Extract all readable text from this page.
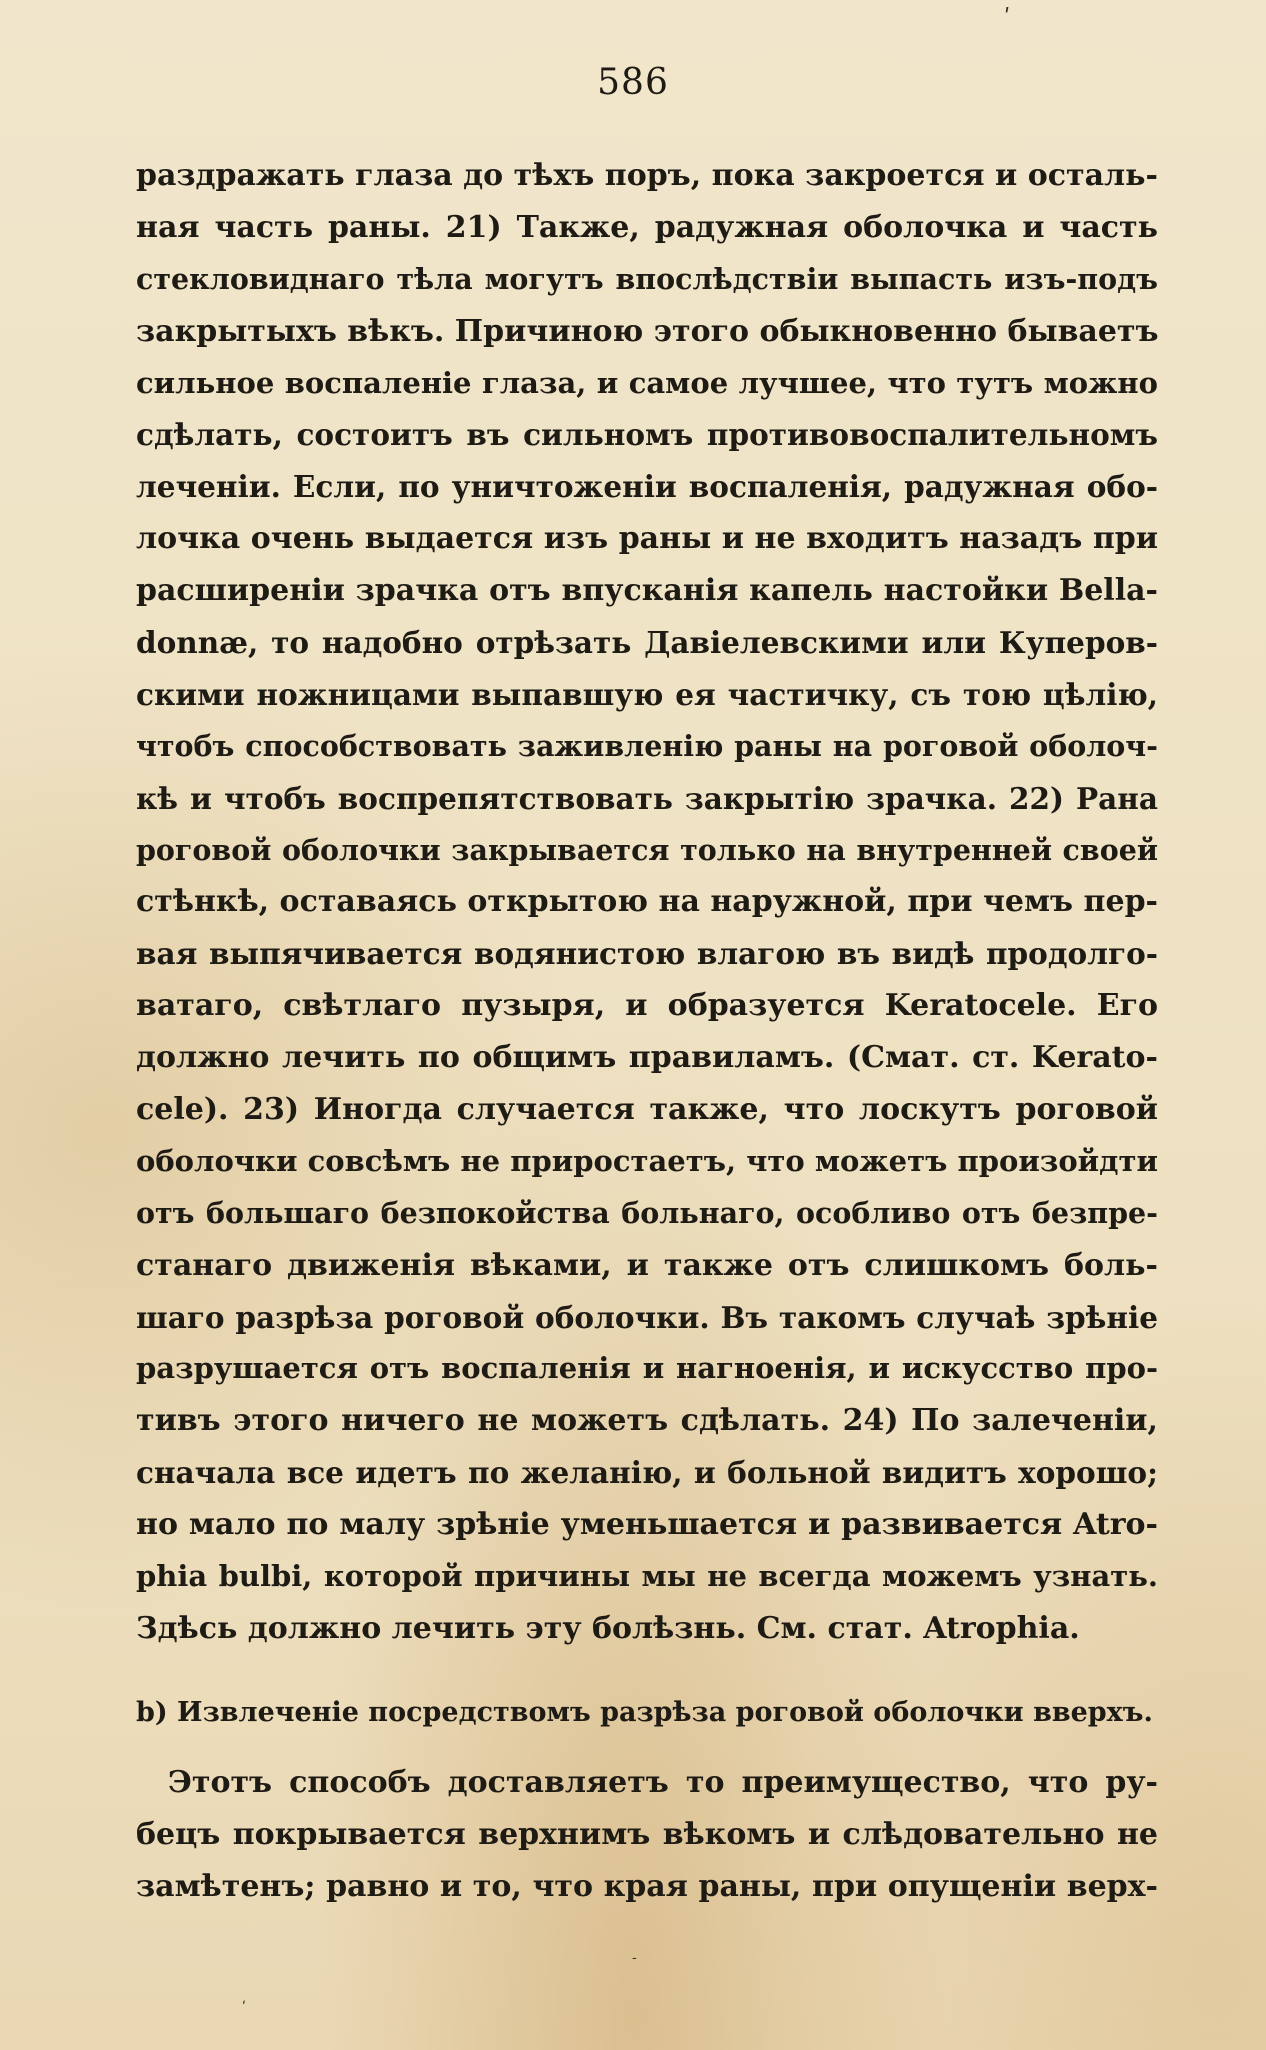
ʹ
586
раздражать глаза до тѣхъ поръ, пока закроется и осталь-
ная часть раны. 21) Также, радужная оболочка и часть
стекловиднаго тѣла могутъ впослѣдствіи выпасть изъ-подъ
закрытыхъ вѣкъ. Причиною этого обыкновенно бываетъ
сильное воспаленіе глаза, и самое лучшее, что тутъ можно
сдѣлать, состоитъ въ сильномъ противовоспалительномъ
леченіи. Если, по уничтоженіи воспаленія, радужная обо-
лочка очень выдается изъ раны и не входитъ назадъ при
расширеніи зрачка отъ впусканія капель настойки Bella-
donnæ, то надобно отрѣзать Давіелевскими или Куперов-
скими ножницами выпавшую ея частичку, съ тою цѣлію,
чтобъ способствовать заживленію раны на роговой оболоч-
кѣ и чтобъ воспрепятствовать закрытію зрачка. 22) Рана
роговой оболочки закрывается только на внутренней своей
стѣнкѣ, оставаясь открытою на наружной, при чемъ пер-
вая выпячивается водянистою влагою въ видѣ продолго-
ватаго, свѣтлаго пузыря, и образуется Keratocele. Его
должно лечить по общимъ правиламъ. (Смат. ст. Kerato-
cele). 23) Иногда случается также, что лоскутъ роговой
оболочки совсѣмъ не приростаетъ, что можетъ произойдти
отъ большаго безпокойства больнаго, особливо отъ безпре-
станаго движенія вѣками, и также отъ слишкомъ боль-
шаго разрѣза роговой оболочки. Въ такомъ случаѣ зрѣніе
разрушается отъ воспаленія и нагноенія, и искусство про-
тивъ этого ничего не можетъ сдѣлать. 24) По залеченіи,
сначала все идетъ по желанію, и больной видитъ хорошо;
но мало по малу зрѣніе уменьшается и развивается Atro-
phia bulbi, которой причины мы не всегда можемъ узнать.
Здѣсь должно лечить эту болѣзнь. См. стат. Atrophia.
b) Извлеченіе посредствомъ разрѣза роговой оболочки вверхъ.
Этотъ способъ доставляетъ то преимущество, что ру-
бецъ покрывается верхнимъ вѣкомъ и слѣдовательно не
замѣтенъ; равно и то, что края раны, при опущеніи верх-
-
ʹ
